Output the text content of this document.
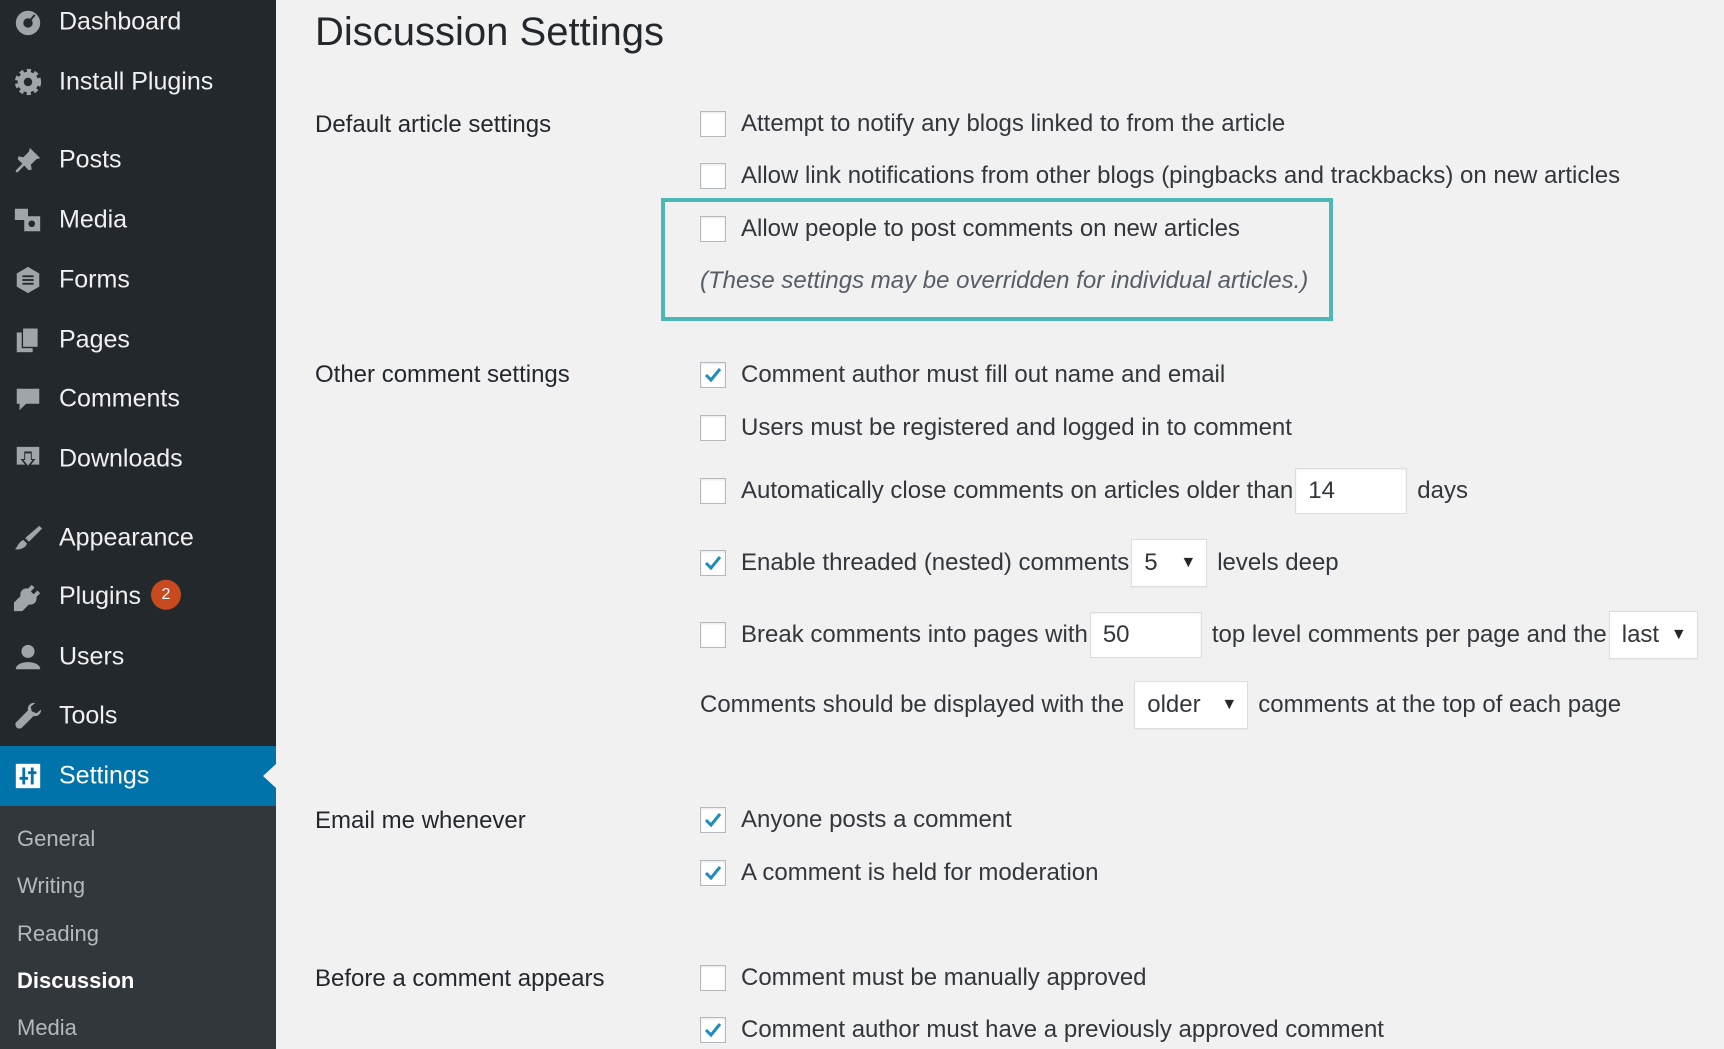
Dashboard
Install Plugins
Posts
Media
Forms
Pages
Comments
Downloads
Appearance
Plugins 2
Users
Tools
Settings
General
Writing
Reading
Discussion
Media
Discussion Settings
Default article settings	Attempt to notify any blogs linked to from the article
Allow link notifications from other blogs (pingbacks and trackbacks) on new articles
Allow people to post comments on new articles
(These settings may be overridden for individual articles.)
Other comment settings	Comment author must fill out name and email
Users must be registered and logged in to comment
Automatically close comments on articles older than 14	days
Enable threaded (nested) comments 5 ▼ levels deep
Break comments into pages with 50	top level comments per page and the last ▼
Comments should be displayed with the older ▼ comments at the top of each page
Email me whenever	Anyone posts a comment
A comment is held for moderation
Before a comment appears	Comment must be manually approved
Comment author must have a previously approved comment
